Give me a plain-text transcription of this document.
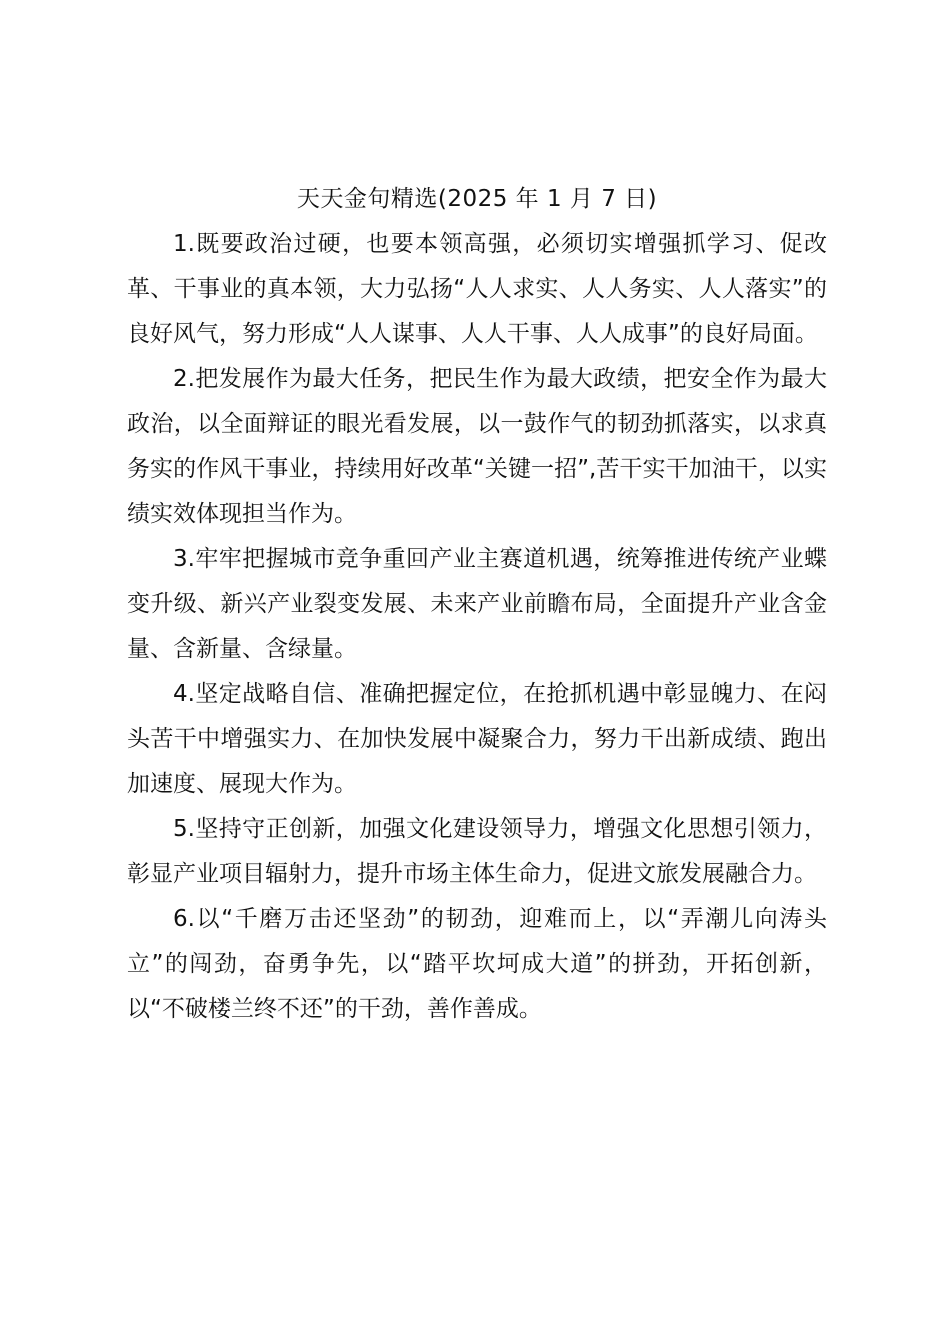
天天金句精选(2025 年 1 月 7 日)

1.既要政治过硬，也要本领高强，必须切实增强抓学习、促改革、干事业的真本领，大力弘扬“人人求实、人人务实、人人落实”的良好风气，努力形成“人人谋事、人人干事、人人成事”的良好局面。

2.把发展作为最大任务，把民生作为最大政绩，把安全作为最大政治，以全面辩证的眼光看发展，以一鼓作气的韧劲抓落实，以求真务实的作风干事业，持续用好改革“关键一招”,苦干实干加油干，以实绩实效体现担当作为。

3.牢牢把握城市竞争重回产业主赛道机遇，统筹推进传统产业蝶变升级、新兴产业裂变发展、未来产业前瞻布局，全面提升产业含金量、含新量、含绿量。

4.坚定战略自信、准确把握定位，在抢抓机遇中彰显魄力、在闷头苦干中增强实力、在加快发展中凝聚合力，努力干出新成绩、跑出加速度、展现大作为。

5.坚持守正创新，加强文化建设领导力，增强文化思想引领力，彰显产业项目辐射力，提升市场主体生命力，促进文旅发展融合力。

6.以“千磨万击还坚劲”的韧劲，迎难而上，以“弄潮儿向涛头立”的闯劲，奋勇争先，以“踏平坎坷成大道”的拼劲，开拓创新，以“不破楼兰终不还”的干劲，善作善成。
